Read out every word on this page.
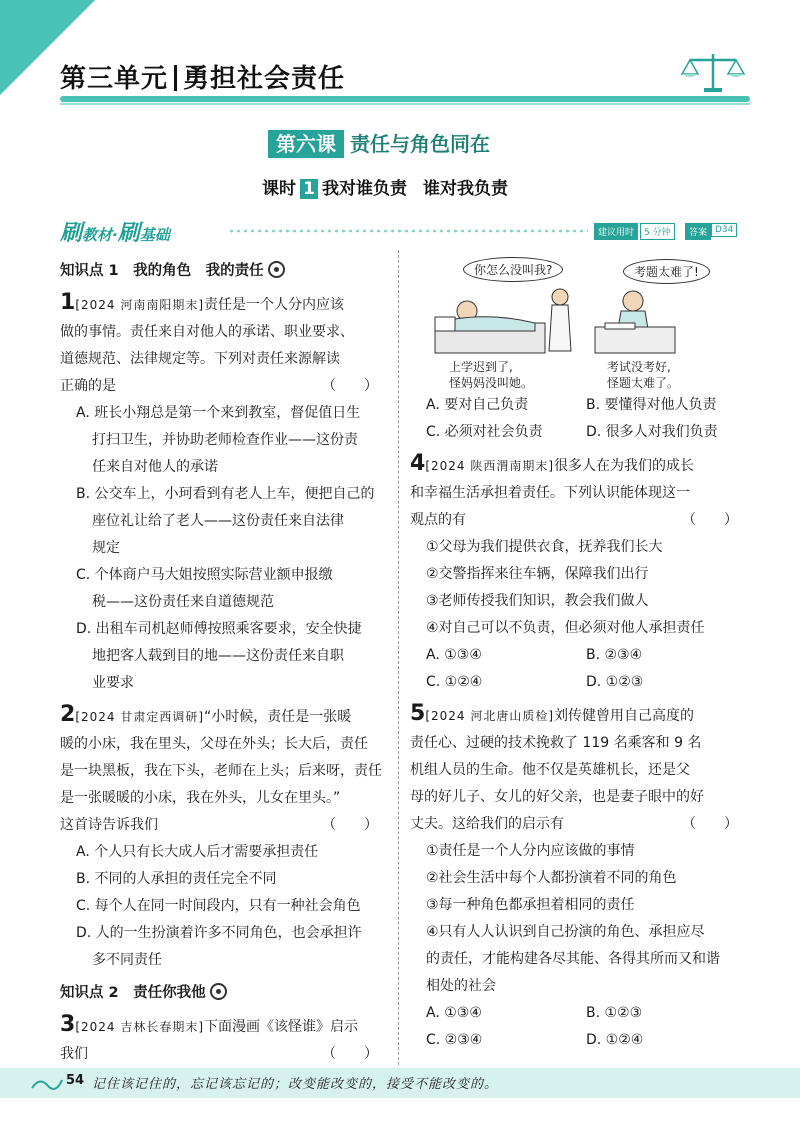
第三单元 勇担社会责任
第六课 责任与角色同在
课时 1 我对谁负责 谁对我负责
刷教材·刷基础	建议用时	5 分钟	答案 D34

知识点 1　我的角色　我的责任

1[2024 河南南阳期末]责任是一个人分内应该

做的事情。责任来自对他人的承诺、职业要求、

道德规范、法律规定等。下列对责任来源解读

正确的是	（　　）

A. 班长小翔总是第一个来到教室，督促值日生

打扫卫生，并协助老师检查作业——这份责

任来自对他人的承诺

B. 公交车上，小珂看到有老人上车，便把自己的

座位礼让给了老人——这份责任来自法律

规定

C. 个体商户马大姐按照实际营业额申报缴

税——这份责任来自道德规范

D. 出租车司机赵师傅按照乘客要求，安全快捷

地把客人载到目的地——这份责任来自职

业要求

2[2024 甘肃定西调研]“小时候，责任是一张暖

暖的小床，我在里头，父母在外头；长大后，责任

是一块黑板，我在下头，老师在上头；后来呀，责任

是一张暖暖的小床，我在外头，儿女在里头。”

这首诗告诉我们	（　　）

A. 个人只有长大成人后才需要承担责任

B. 不同的人承担的责任完全不同

C. 每个人在同一时间段内，只有一种社会角色

D. 人的一生扮演着许多不同角色，也会承担许

多不同责任

知识点 2　责任你我他

3[2024 吉林长春期末]下面漫画《该怪谁》启示

我们	（　　）

你怎么没叫我?	考题太难了!
上学迟到了,
怪妈妈没叫她。
考试没考好,
怪题太难了。
A. 要对自己负责	B. 要懂得对他人负责
C. 必须对社会负责	D. 很多人对我们负责

4[2024 陕西渭南期末]很多人在为我们的成长

和幸福生活承担着责任。下列认识能体现这一

观点的有	（　　）

①父母为我们提供衣食，抚养我们长大

②交警指挥来往车辆，保障我们出行

③老师传授我们知识，教会我们做人

④对自己可以不负责，但必须对他人承担责任

A. ①③④	B. ②③④
C. ①②④	D. ①②③

5[2024 河北唐山质检]刘传健曾用自己高度的

责任心、过硬的技术挽救了 119 名乘客和 9 名

机组人员的生命。他不仅是英雄机长，还是父

母的好儿子、女儿的好父亲，也是妻子眼中的好

丈夫。这给我们的启示有	（　　）

①责任是一个人分内应该做的事情

②社会生活中每个人都扮演着不同的角色

③每一种角色都承担着相同的责任

④只有人人认识到自己扮演的角色、承担应尽

的责任，才能构建各尽其能、各得其所而又和谐

相处的社会

A. ①③④	B. ①②③
C. ②③④	D. ①②④
54 记住该记住的，忘记该忘记的；改变能改变的，接受不能改变的。
